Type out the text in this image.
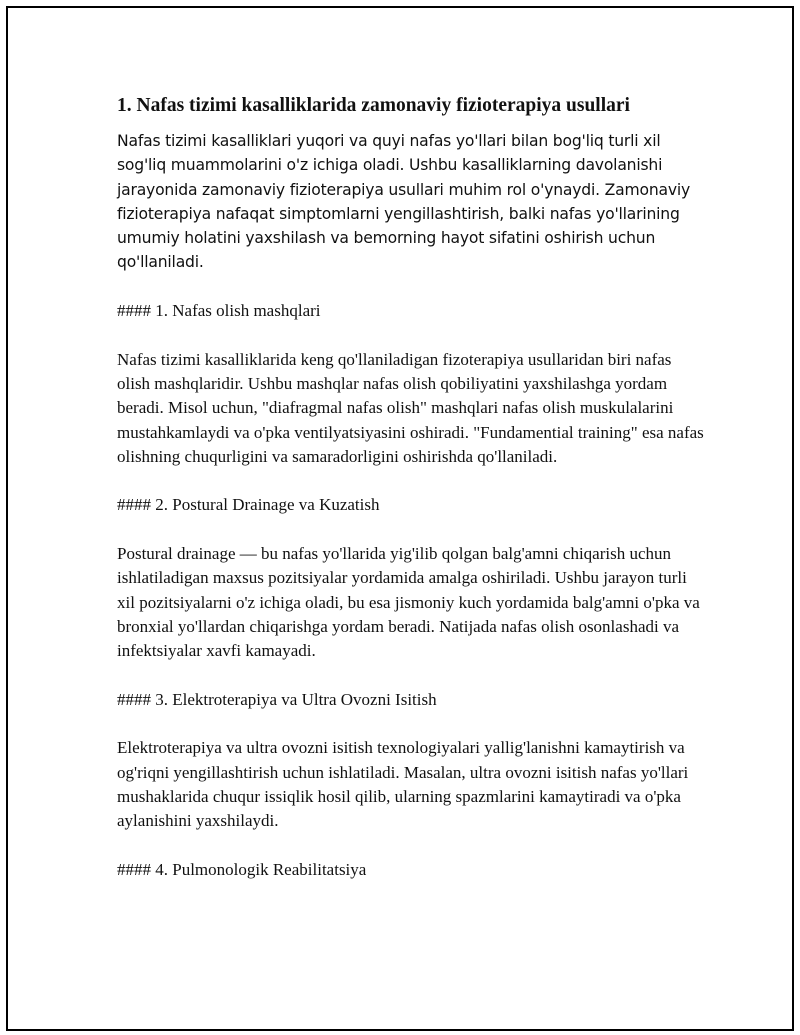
1. Nafas tizimi kasalliklarida zamonaviy fizioterapiya usullari

Nafas tizimi kasalliklari yuqori va quyi nafas yo'llari bilan bog'liq turli xil sog'liq muammolarini o'z ichiga oladi. Ushbu kasalliklarning davolanishi jarayonida zamonaviy fizioterapiya usullari muhim rol o'ynaydi. Zamonaviy fizioterapiya nafaqat simptomlarni yengillashtirish, balki nafas yo'llarining umumiy holatini yaxshilash va bemorning hayot sifatini oshirish uchun qo'llaniladi.

#### 1. Nafas olish mashqlari

Nafas tizimi kasalliklarida keng qo'llaniladigan fizoterapiya usullaridan biri nafas olish mashqlaridir. Ushbu mashqlar nafas olish qobiliyatini yaxshilashga yordam beradi. Misol uchun, "diafragmal nafas olish" mashqlari nafas olish muskulalarini mustahkamlaydi va o'pka ventilyatsiyasini oshiradi. "Fundamential training" esa nafas olishning chuqurligini va samaradorligini oshirishda qo'llaniladi.

#### 2. Postural Drainage va Kuzatish

Postural drainage — bu nafas yo'llarida yig'ilib qolgan balg'amni chiqarish uchun ishlatiladigan maxsus pozitsiyalar yordamida amalga oshiriladi. Ushbu jarayon turli xil pozitsiyalarni o'z ichiga oladi, bu esa jismoniy kuch yordamida balg'amni o'pka va bronxial yo'llardan chiqarishga yordam beradi. Natijada nafas olish osonlashadi va infektsiyalar xavfi kamayadi.

#### 3. Elektroterapiya va Ultra Ovozni Isitish

Elektroterapiya va ultra ovozni isitish texnologiyalari yallig'lanishni kamaytirish va og'riqni yengillashtirish uchun ishlatiladi. Masalan, ultra ovozni isitish nafas yo'llari mushaklarida chuqur issiqlik hosil qilib, ularning spazmlarini kamaytiradi va o'pka aylanishini yaxshilaydi.

#### 4. Pulmonologik Reabilitatsiya
